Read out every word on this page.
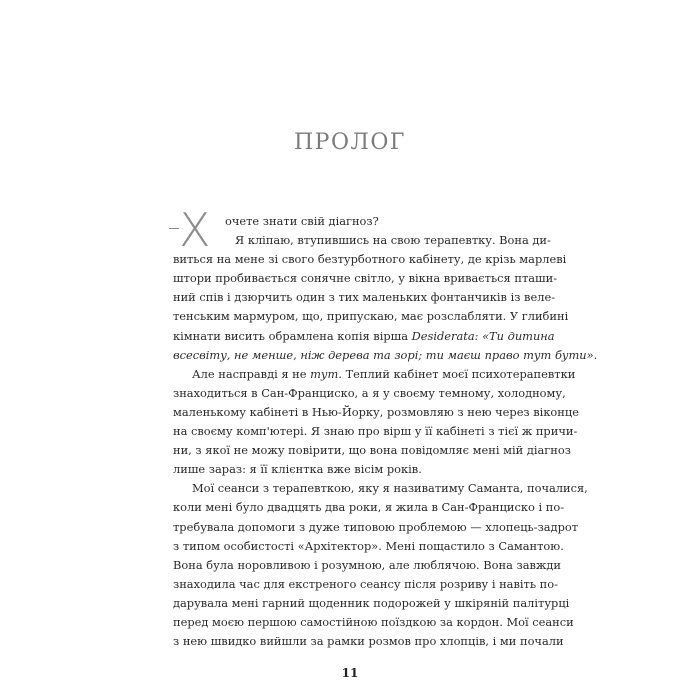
ПРОЛОГ
Х	очете знати свій діагноз?
Я кліпаю, втупившись на свою терапевтку. Вона ди-
виться на мене зі свого безтурботного кабінету, де крізь марлеві
штори пробивається сонячне світло, у вікна вривається пташи-
ний спів і дзюрчить один з тих маленьких фонтанчиків із веле-
тенським мармуром, що, припускаю, має розслабляти. У глибині
кімнати висить обрамлена копія вірша Desiderata: «Ти дитина
всесвіту, не менше, ніж дерева та зорі; ти маєш право тут бути».
Але насправді я не тут. Теплий кабінет моєї психотерапевтки
знаходиться в Сан-Франциско, а я у своєму темному, холодному,
маленькому кабінеті в Нью-Йорку, розмовляю з нею через віконце
на своєму комп'ютері. Я знаю про вірш у її кабінеті з тієї ж причи-
ни, з якої не можу повірити, що вона повідомляє мені мій діагноз
лише зараз: я її клієнтка вже вісім років.
Мої сеанси з терапевткою, яку я називатиму Саманта, почалися,
коли мені було двадцять два роки, я жила в Сан-Франциско і по-
требувала допомоги з дуже типовою проблемою — хлопець-задрот
з типом особистості «Архітектор». Мені пощастило з Самантою.
Вона була норовливою і розумною, але люблячою. Вона завжди
знаходила час для екстреного сеансу після розриву і навіть по-
дарувала мені гарний щоденник подорожей у шкіряній палітурці
перед моєю першою самостійною поїздкою за кордон. Мої сеанси
з нею швидко вийшли за рамки розмов про хлопців, і ми почали
11
